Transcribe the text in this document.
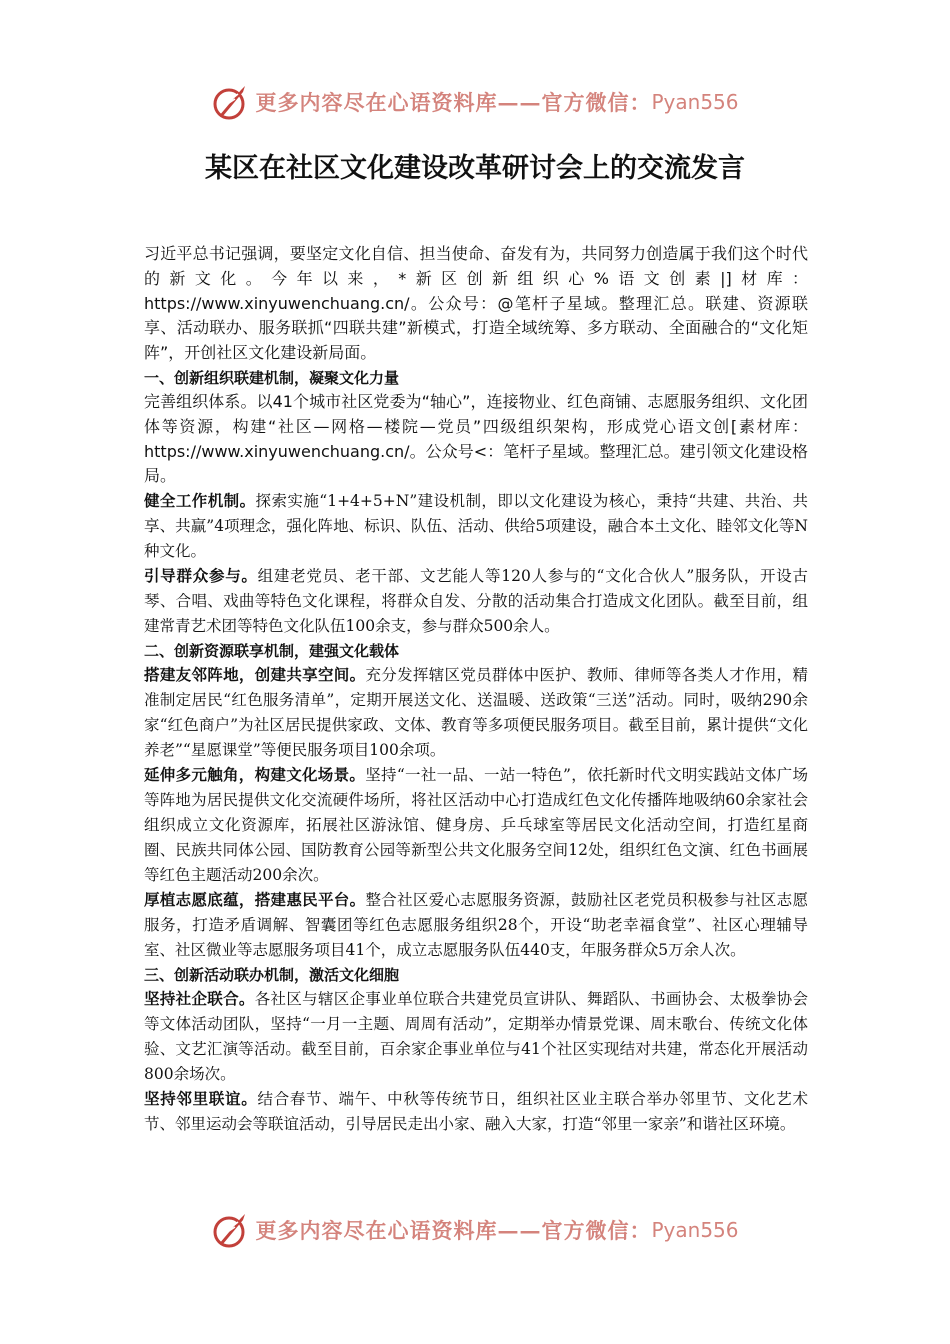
更多内容尽在心语资料库——官方微信： Pyan556
某区在社区文化建设改革研讨会上的交流发言

习近平总书记强调，要坚定文化自信、担当使命、奋发有为，共同努力创造属于我们这个时代的新文化。今年以来，*新区创新组织心%语文创素|]材库：https://www.xinyuwenchuang.cn/。公众号：@笔杆子星域。整理汇总。联建、资源联享、活动联办、服务联抓“四联共建”新模式，打造全域统筹、多方联动、全面融合的“文化矩阵”，开创社区文化建设新局面。

一、创新组织联建机制，凝聚文化力量

完善组织体系。以41个城市社区党委为“轴心”，连接物业、红色商铺、志愿服务组织、文化团体等资源，构建“社区—网格—楼院—党员”四级组织架构，形成党心语文创[素材库：https://www.xinyuwenchuang.cn/。公众号<：笔杆子星域。整理汇总。建引领文化建设格局。

健全工作机制。探索实施“1+4+5+N”建设机制，即以文化建设为核心，秉持“共建、共治、共享、共赢”4项理念，强化阵地、标识、队伍、活动、供给5项建设，融合本土文化、睦邻文化等N种文化。

引导群众参与。组建老党员、老干部、文艺能人等120人参与的“文化合伙人”服务队，开设古琴、合唱、戏曲等特色文化课程，将群众自发、分散的活动集合打造成文化团队。截至目前，组建常青艺术团等特色文化队伍100余支，参与群众500余人。

二、创新资源联享机制，建强文化载体

搭建友邻阵地，创建共享空间。充分发挥辖区党员群体中医护、教师、律师等各类人才作用，精准制定居民“红色服务清单”，定期开展送文化、送温暖、送政策“三送”活动。同时，吸纳290余家“红色商户”为社区居民提供家政、文体、教育等多项便民服务项目。截至目前，累计提供“文化养老”“星愿课堂”等便民服务项目100余项。

延伸多元触角，构建文化场景。坚持“一社一品、一站一特色”，依托新时代文明实践站文体广场等阵地为居民提供文化交流硬件场所，将社区活动中心打造成红色文化传播阵地吸纳60余家社会组织成立文化资源库，拓展社区游泳馆、健身房、乒乓球室等居民文化活动空间，打造红星商圈、民族共同体公园、国防教育公园等新型公共文化服务空间12处，组织红色文演、红色书画展等红色主题活动200余次。

厚植志愿底蕴，搭建惠民平台。整合社区爱心志愿服务资源，鼓励社区老党员积极参与社区志愿服务，打造矛盾调解、智囊团等红色志愿服务组织28个，开设“助老幸福食堂”、社区心理辅导室、社区微业等志愿服务项目41个，成立志愿服务队伍440支，年服务群众5万余人次。

三、创新活动联办机制，激活文化细胞

坚持社企联合。各社区与辖区企事业单位联合共建党员宣讲队、舞蹈队、书画协会、太极拳协会等文体活动团队，坚持“一月一主题、周周有活动”，定期举办情景党课、周末歌台、传统文化体验、文艺汇演等活动。截至目前，百余家企事业单位与41个社区实现结对共建，常态化开展活动800余场次。

坚持邻里联谊。结合春节、端午、中秋等传统节日，组织社区业主联合举办邻里节、文化艺术节、邻里运动会等联谊活动，引导居民走出小家、融入大家，打造“邻里一家亲”和谐社区环境。

更多内容尽在心语资料库——官方微信： Pyan556
